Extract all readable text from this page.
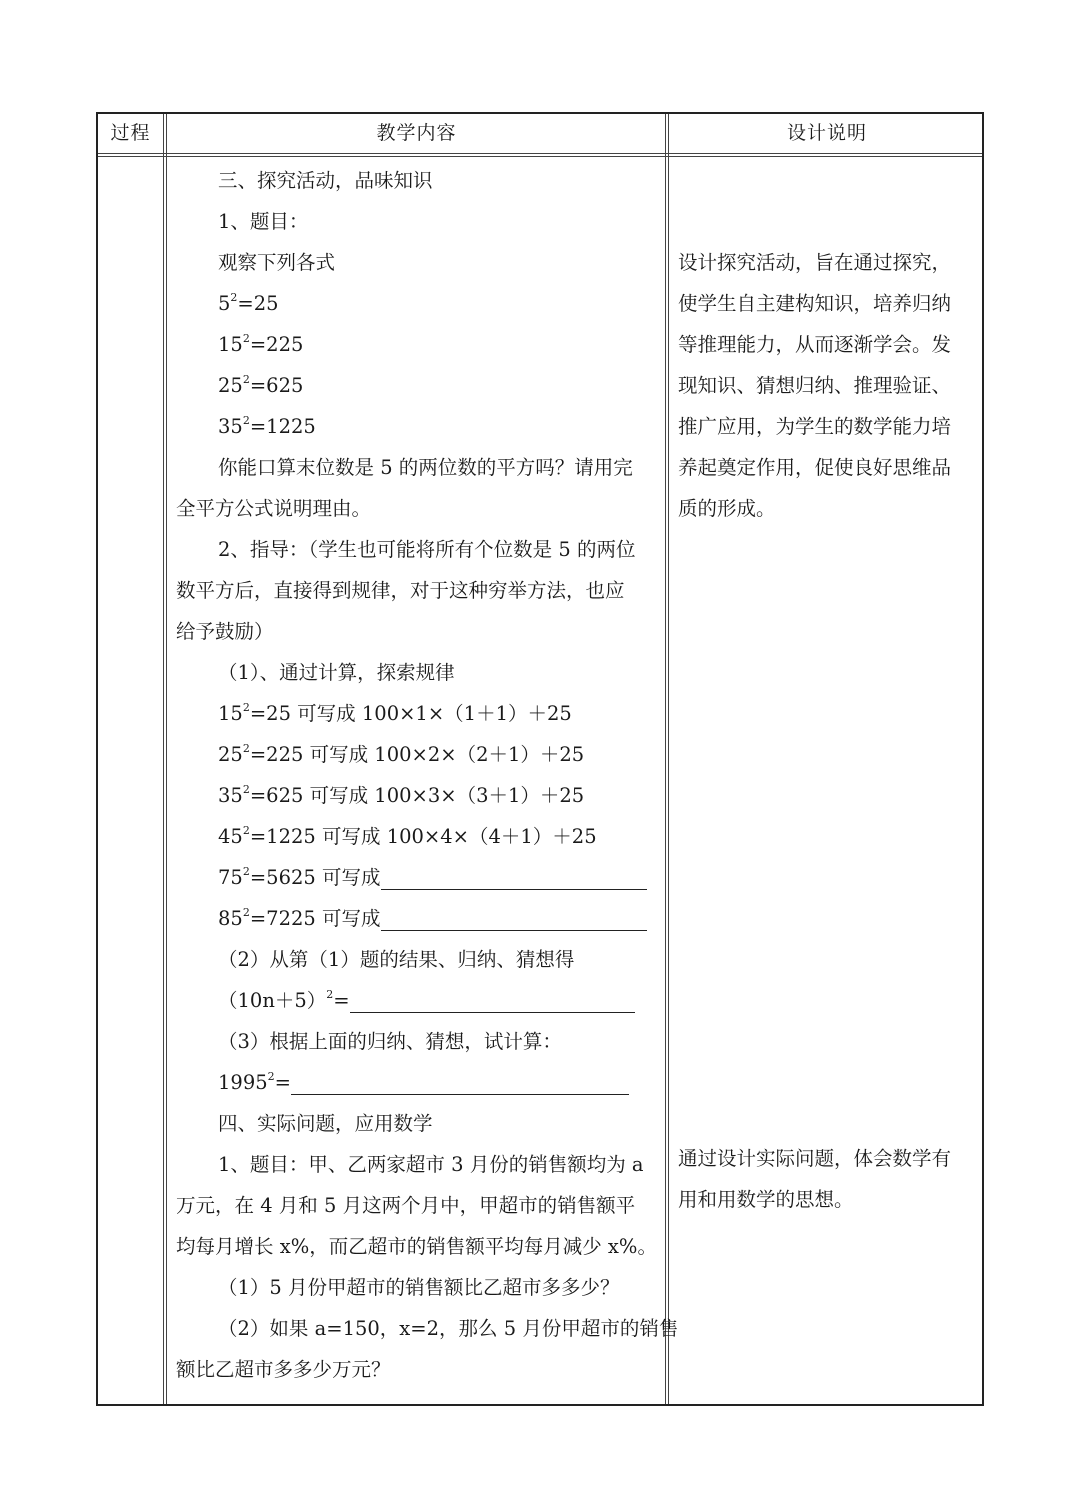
过程	教学内容	设计说明
三、探究活动，品味知识
1、题目：
观察下列各式
$5^2=25$
$15^2=225$
$25^2=625$
$35^2=1225$
你能口算末位数是 5 的两位数的平方吗？请用完
全平方公式说明理由。
2、指导：（学生也可能将所有个位数是 5 的两位
数平方后，直接得到规律，对于这种穷举方法，也应
给予鼓励）
（1）、通过计算，探索规律
$15^2=25$ 可写成 100×1×（1＋1）＋25
$25^2=225$ 可写成 100×2×（2＋1）＋25
$35^2=625$ 可写成 100×3×（3＋1）＋25
$45^2=1225$ 可写成 100×4×（4＋1）＋25
$75^2=5625$ 可写成
$85^2=7225$ 可写成
（2）从第（1）题的结果、归纳、猜想得
$(10n+5)^2=$
（3）根据上面的归纳、猜想，试计算：
$1995^2=$
四、实际问题，应用数学
1、题目：甲、乙两家超市 3 月份的销售额均为 a
万元，在 4 月和 5 月这两个月中，甲超市的销售额平
均每月增长 x%，而乙超市的销售额平均每月减少 x%。
（1）5 月份甲超市的销售额比乙超市多多少？
（2）如果 a=150，x=2，那么 5 月份甲超市的销售
额比乙超市多多少万元？
设计探究活动，旨在通过探究，
使学生自主建构知识，培养归纳
等推理能力，从而逐渐学会。发
现知识、猜想归纳、推理验证、
推广应用，为学生的数学能力培
养起奠定作用，促使良好思维品
质的形成。
通过设计实际问题，体会数学有
用和用数学的思想。
